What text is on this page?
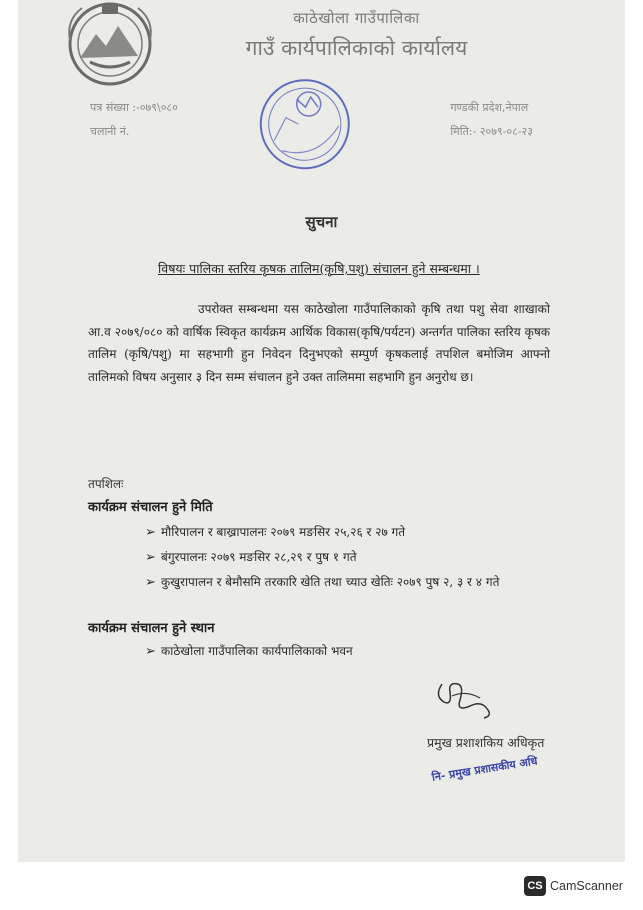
काठेखोला गाउँपालिका
गाउँ कार्यपालिकाको कार्यालय
पत्र संख्या :-०७९\०८०
चलानी नं.
गण्डकी प्रदेश,नेपाल
मिति:- २०७९-०८-२३
सुचना
विषयः पालिका स्तरिय कृषक तालिम(कृषि,पशु) संचालन हुने सम्बन्धमा ।
उपरोक्त सम्बन्धमा यस काठेखोला गाउँपालिकाको कृषि तथा पशु सेवा शाखाको आ.व २०७९/०८० को वार्षिक स्विकृत कार्यक्रम आर्थिक विकास(कृषि/पर्यटन) अन्तर्गत पालिका स्तरिय कृषक तालिम (कृषि/पशु) मा सहभागी हुन निवेदन दिनुभएको सम्पुर्ण कृषकलाई तपशिल बमोजिम आफ्नो तालिमको विषय अनुसार ३ दिन सम्म संचालन हुने उक्त तालिममा सहभागि हुन अनुरोध छ।
तपशिलः
कार्यक्रम संचालन हुने मिति
➢ मौरिपालन र बाख्रापालनः २०७९ मङसिर २५,२६ र २७ गते
➢ बंगुरपालनः २०७९ मङसिर २८,२९ र पुष १ गते
➢ कुखुरापालन र बेमौसमि तरकारि खेति तथा च्याउ खेतिः २०७९ पुष २, ३ र ४ गते
कार्यक्रम संचालन हुने स्थान
➢ काठेखोला गाउँपालिका कार्यपालिकाको भवन
प्रमुख प्रशाशकिय अधिकृत
नि- प्रमुख प्रशासकीय अधि
CS CamScanner
